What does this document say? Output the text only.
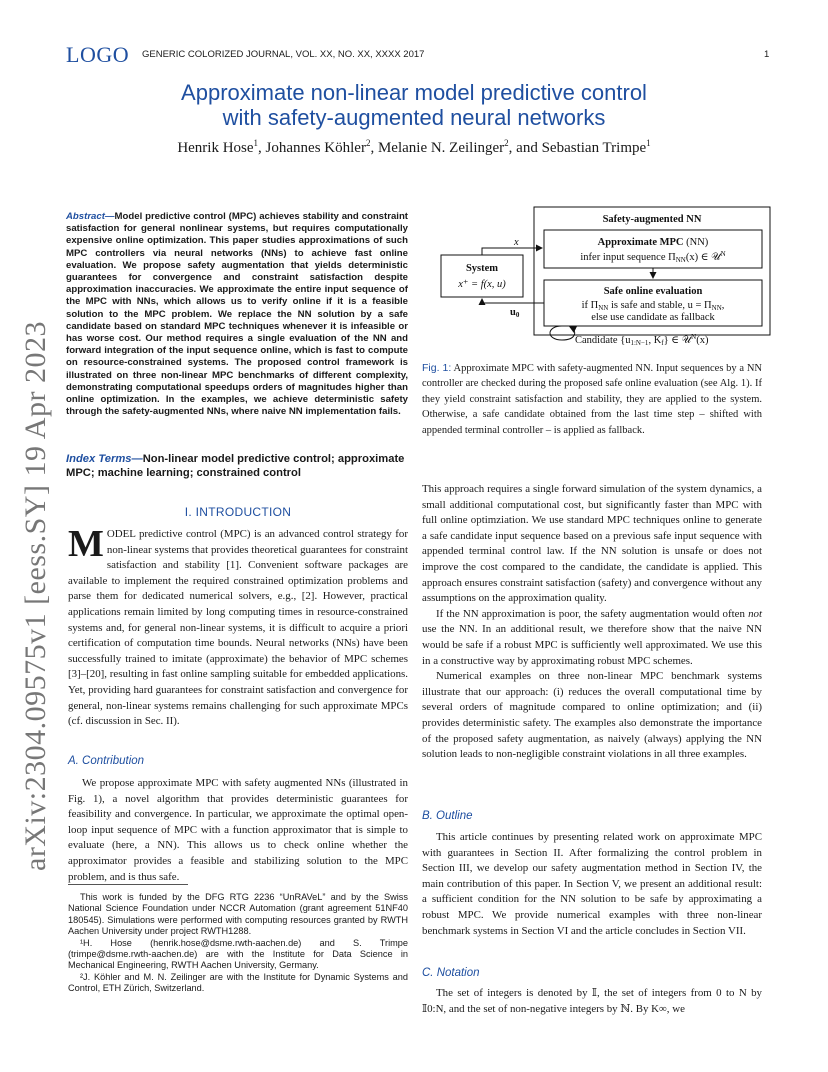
LOGO GENERIC COLORIZED JOURNAL, VOL. XX, NO. XX, XXXX 2017	1
Approximate non-linear model predictive control
with safety-augmented neural networks
Henrik Hose$^1$, Johannes Köhler$^2$, Melanie N. Zeilinger$^2$, and Sebastian Trimpe$^1$
arXiv:2304.09575v1 [eess.SY] 19 Apr 2023
Abstract—Model predictive control (MPC) achieves stability and constraint satisfaction for general nonlinear systems, but requires computationally expensive online optimization. This paper studies approximations of such MPC controllers via neural networks (NNs) to achieve fast online evaluation. We propose safety augmentation that yields deterministic guarantees for convergence and constraint satisfaction despite approximation inaccuracies. We approximate the entire input sequence of the MPC with NNs, which allows us to verify online if it is a feasible solution to the MPC problem. We replace the NN solution by a safe candidate based on standard MPC techniques whenever it is infeasible or has worse cost. Our method requires a single evaluation of the NN and forward integration of the input sequence online, which is fast to compute on resource-constrained systems. The proposed control framework is illustrated on three non-linear MPC benchmarks of different complexity, demonstrating computational speedups orders of magnitudes higher than online optimization. In the examples, we achieve deterministic safety through the safety-augmented NNs, where naive NN implementation fails.
Index Terms—Non-linear model predictive control; approximate MPC; machine learning; constrained control
I. INTRODUCTION

MODEL predictive control (MPC) is an advanced control strategy for non-linear systems that provides theoretical guarantees for constraint satisfaction and stability [1]. Convenient software packages are available to implement the required constrained optimization problems and parse them for dedicated numerical solvers, e.g., [2]. However, practical applications remain limited by long computing times in resource-constrained systems and, for general non-linear systems, it is difficult to acquire a priori certification of computation time bounds. Neural networks (NNs) have been successfully trained to imitate (approximate) the behavior of MPC schemes [3]–[20], resulting in fast online sampling suitable for embedded applications. Yet, providing hard guarantees for constraint satisfaction and convergence for general, non-linear systems remains challenging for such approximate MPCs (cf. discussion in Sec. II).

A. Contribution

We propose approximate MPC with safety augmented NNs (illustrated in Fig. 1), a novel algorithm that provides deterministic guarantees for feasibility and convergence. In particular, we approximate the optimal open-loop input sequence of MPC with a function approximator that is simple to evaluate (here, a NN). This allows us to check online whether the approximator provides a feasible and stabilizing solution to the MPC problem, and is thus safe.

This work is funded by the DFG RTG 2236 “UnRAVeL” and by the Swiss National Science Foundation under NCCR Automation (grant agreement 51NF40 180545). Simulations were performed with computing resources granted by RWTH Aachen University under project RWTH1288.

¹H. Hose (henrik.hose@dsme.rwth-aachen.de) and S. Trimpe (trimpe@dsme.rwth-aachen.de) are with the Institute for Data Science in Mechanical Engineering, RWTH Aachen University, Germany.

²J. Köhler and M. N. Zeilinger are with the Institute for Dynamic Systems and Control, ETH Zürich, Switzerland.

Safety-augmented NN
Approximate MPC (NN)
infer input sequence ΠNN(x) ∈ 𝒰$^N$
Safe online evaluation
if ΠNN is safe and stable, u = ΠNN,
else use candidate as fallback
System
x⁺ = f(x, u)
x
u0
Candidate {u1:N−1, Kf} ∈ 𝒰$^N$(x)
Fig. 1: Approximate MPC with safety-augmented NN. Input sequences by a NN controller are checked during the proposed safe online evaluation (see Alg. 1). If they yield constraint satisfaction and stability, they are applied to the system. Otherwise, a safe candidate obtained from the last time step – shifted with appended terminal controller – is applied as fallback.

This approach requires a single forward simulation of the system dynamics, a small additional computational cost, but significantly faster than MPC with full online optimziation. We use standard MPC techniques online to generate a safe candidate input sequence based on a previous safe input sequence with appended terminal control law. If the NN solution is unsafe or does not improve the cost compared to the candidate, the candidate is applied. This approach ensures constraint satisfaction (safety) and convergence without any assumptions on the approximation quality.

If the NN approximation is poor, the safety augmentation would often not use the NN. In an additional result, we therefore show that the naive NN would be safe if a robust MPC is sufficiently well approximated. We use this in a constructive way by approximating robust MPC schemes.

Numerical examples on three non-linear MPC benchmark systems illustrate that our approach: (i) reduces the overall computational time by several orders of magnitude compared to online optimization; and (ii) provides deterministic safety. The examples also demonstrate the importance of the proposed safety augmentation, as naively (always) applying the NN solution leads to non-negligible constraint violations in all three examples.

B. Outline

This article continues by presenting related work on approximate MPC with guarantees in Section II. After formalizing the control problem in Section III, we develop our safety augmentation method in Section IV, the main contribution of this paper. In Section V, we present an additional result: a sufficient condition for the NN solution to be safe by approximating a robust MPC. We provide numerical examples with three non-linear benchmark systems in Section VI and the article concludes in Section VII.

C. Notation

The set of integers is denoted by 𝕀, the set of integers from 0 to N by 𝕀0:N, and the set of non-negative integers by ℕ. By K∞, we
